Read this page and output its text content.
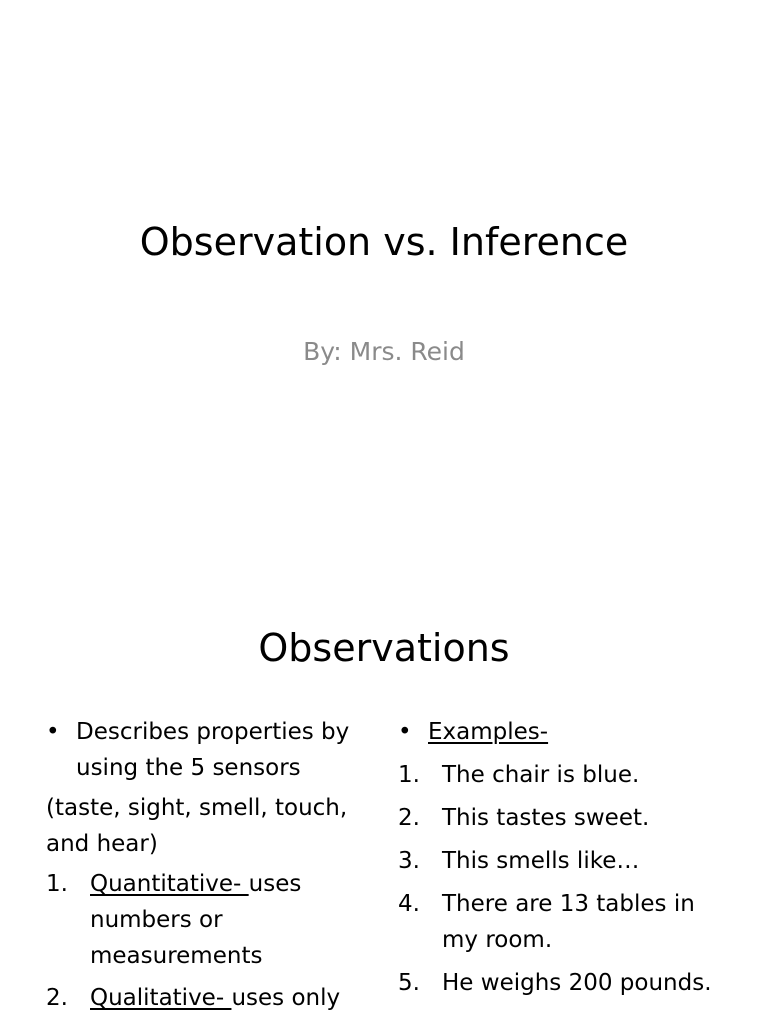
Observation vs. Inference
By: Mrs. Reid
Observations
• Describes properties by using the 5 sensors
(taste, sight, smell, touch, and hear)
1. Quantitative- uses numbers or measurements
2. Qualitative- uses only
• Examples-
1. The chair is blue.
2. This tastes sweet.
3. This smells like…
4. There are 13 tables in my room.
5. He weighs 200 pounds.
